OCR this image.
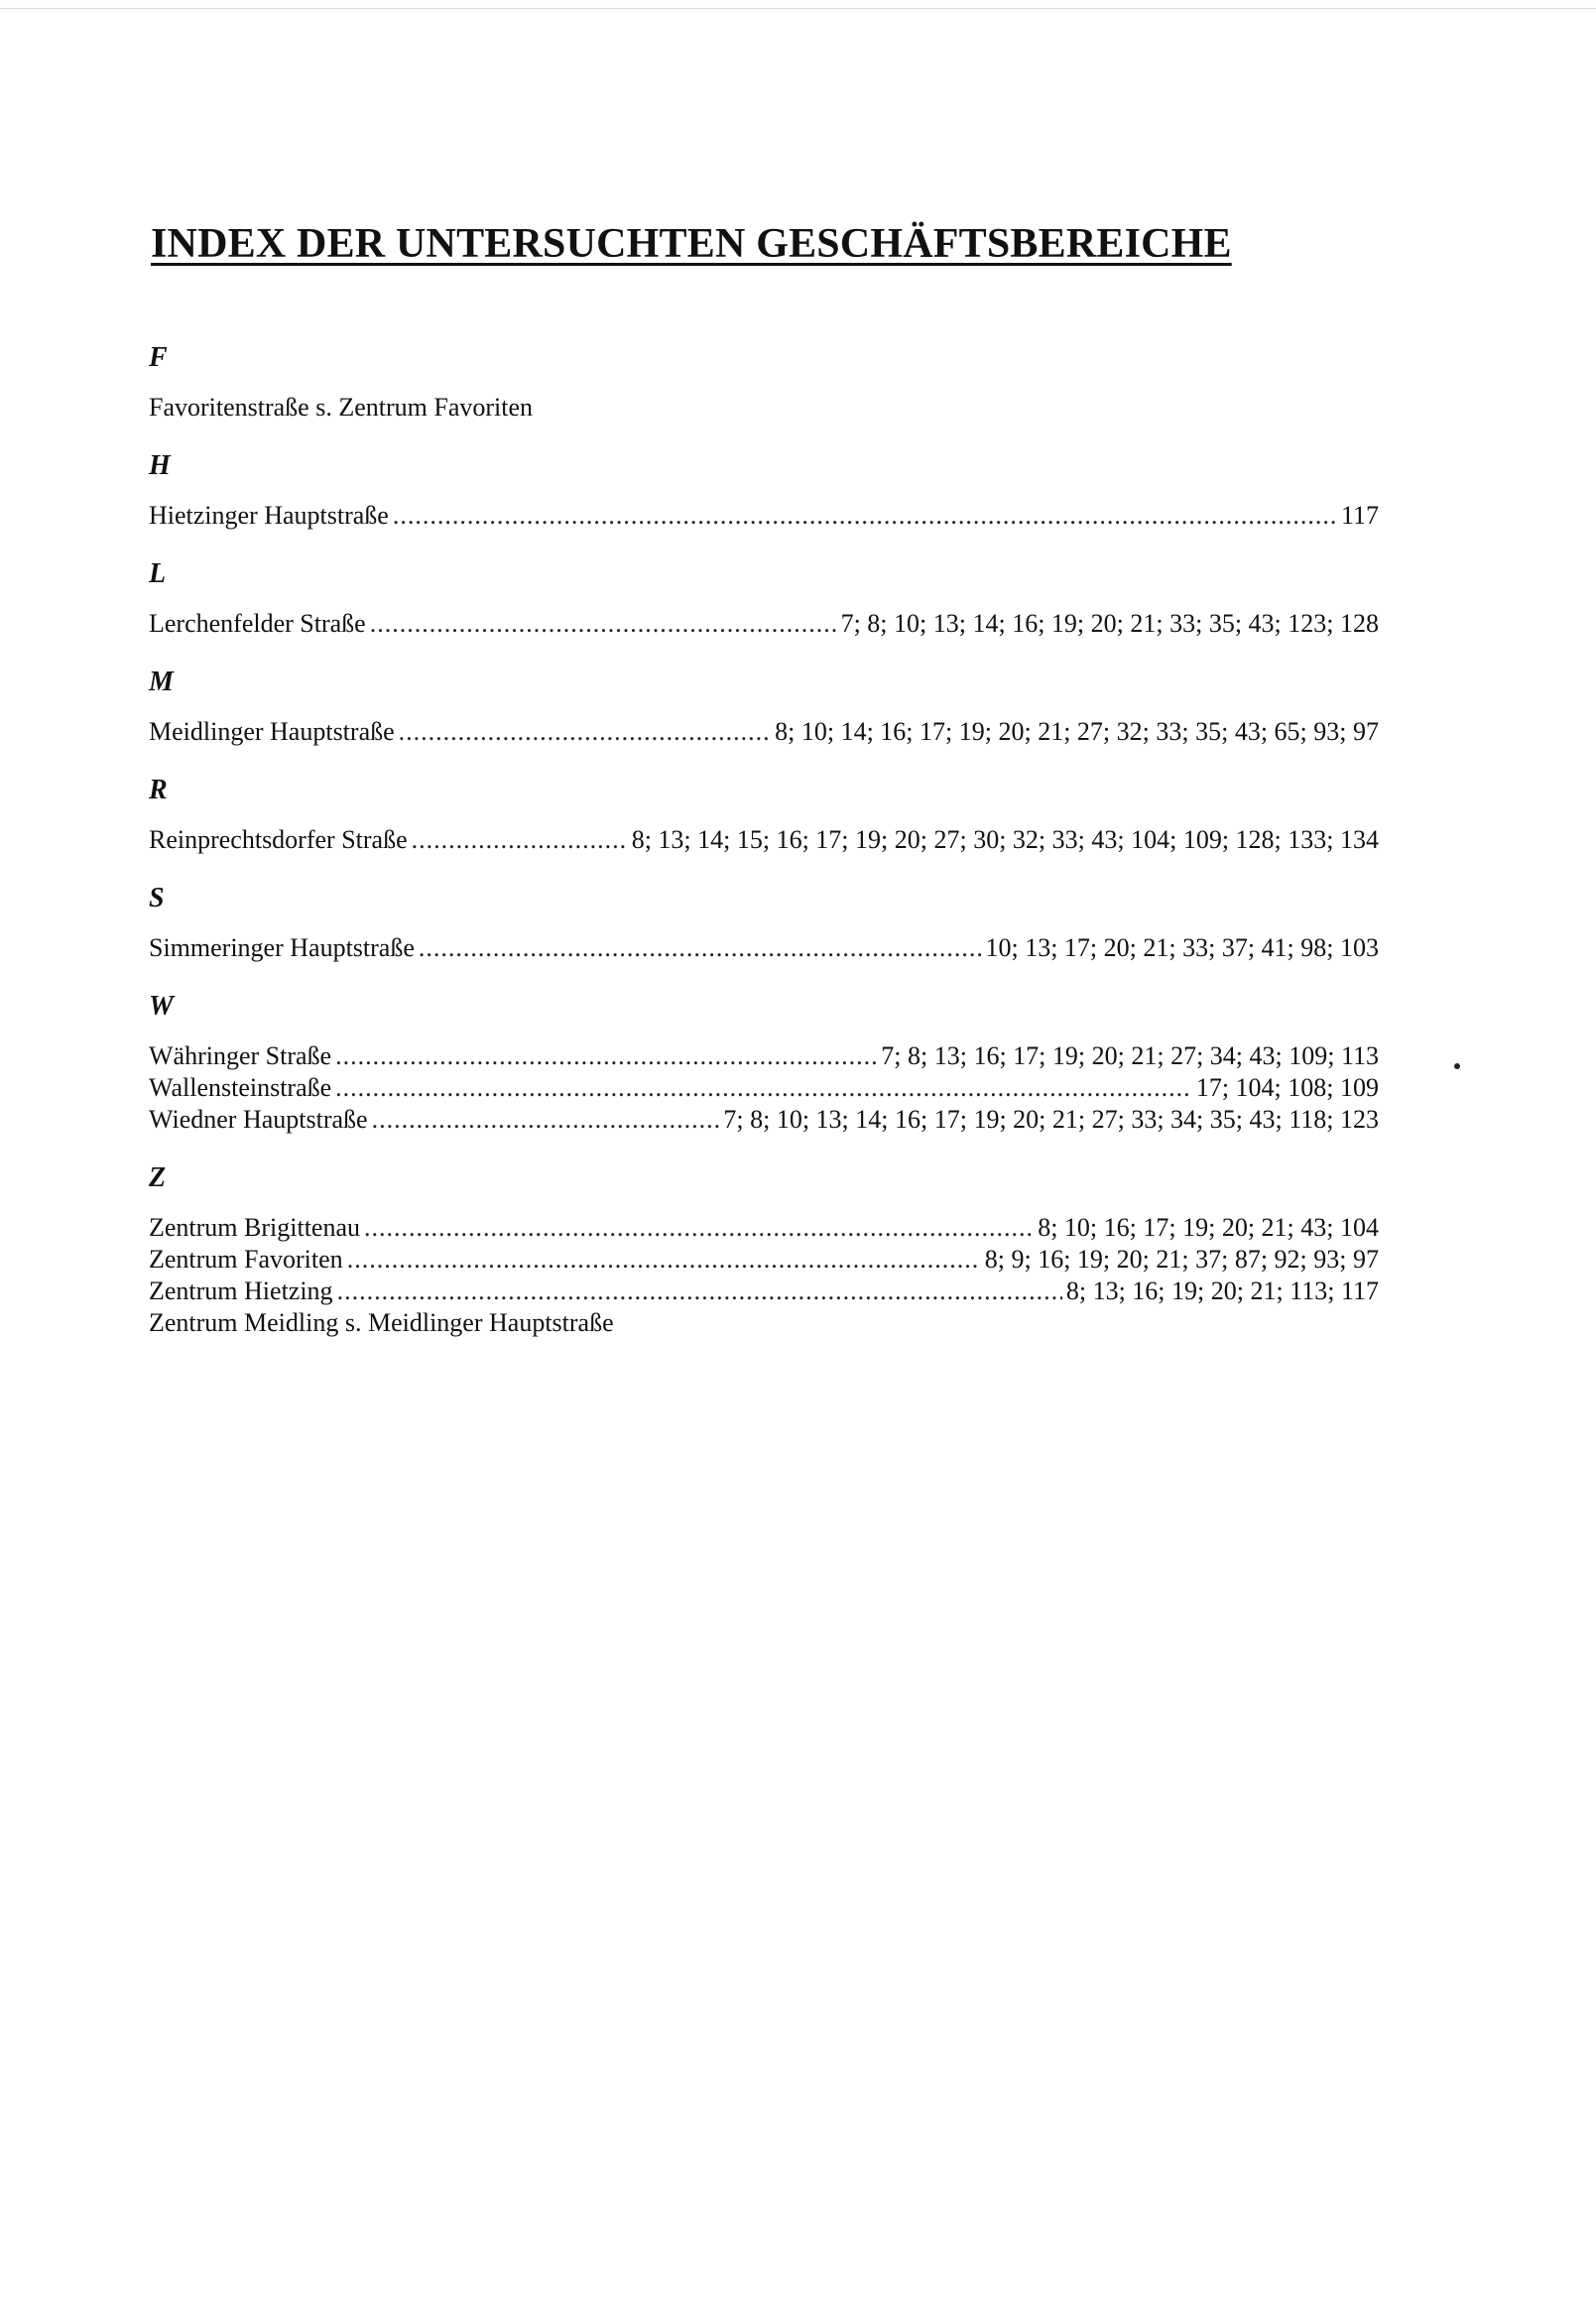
INDEX DER UNTERSUCHTEN GESCHÄFTSBEREICHE
F
Favoritenstraße s. Zentrum Favoriten
H
Hietzinger Hauptstraße .....	117
L
Lerchenfelder Straße .....	7; 8; 10; 13; 14; 16; 19; 20; 21; 33; 35; 43; 123; 128
M
Meidlinger Hauptstraße .....	8; 10; 14; 16; 17; 19; 20; 21; 27; 32; 33; 35; 43; 65; 93; 97
R
Reinprechtsdorfer Straße .....	8; 13; 14; 15; 16; 17; 19; 20; 27; 30; 32; 33; 43; 104; 109; 128; 133; 134
S
Simmeringer Hauptstraße .....	10; 13; 17; 20; 21; 33; 37; 41; 98; 103
W
Währinger Straße .....	7; 8; 13; 16; 17; 19; 20; 21; 27; 34; 43; 109; 113
Wallensteinstraße .....	17; 104; 108; 109
Wiedner Hauptstraße .....	7; 8; 10; 13; 14; 16; 17; 19; 20; 21; 27; 33; 34; 35; 43; 118; 123
Z
Zentrum Brigittenau .....	8; 10; 16; 17; 19; 20; 21; 43; 104
Zentrum Favoriten .....	8; 9; 16; 19; 20; 21; 37; 87; 92; 93; 97
Zentrum Hietzing .....	8; 13; 16; 19; 20; 21; 113; 117
Zentrum Meidling s. Meidlinger Hauptstraße
